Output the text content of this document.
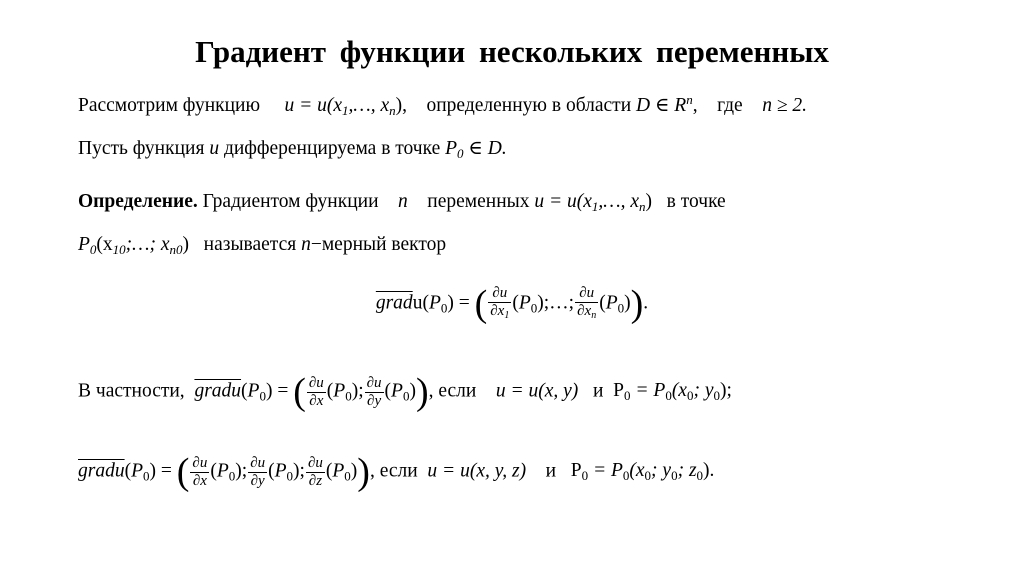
Градиент функции нескольких переменных
Рассмотрим функцию $u = u(x_1,\dots$, $x_n$), определенную в области D ∈ $R^n$, где n ≥ 2.
Пусть функция u дифференцируема в точке $P_0$ ∈ D.
Определение. Градиентом функции n переменных $u = u(x_1,\dots$, $x_n$) в точке
$P_0(x_{10};\dots$; $x_{n0}$) называется n−мерный вектор
$gradu(P_0)$ = ( $\frac{\partial u}{\partial x_1}$ $(P_0);\dots$; $\frac{\partial u}{\partial x_n} (P_0)$).
В частности, $gradu(P_0)$ = ( $\frac{\partial u}{\partial x} (P_0)$; $\frac{\partial u}{\partial y} (P_0)$), если u = u(x, y) и $P_0 = P_0(x_0$; $y_0$);
$gradu(P_0)$ = ( $\frac{\partial u}{\partial x} (P_0)$; $\frac{\partial u}{\partial y} (P_0)$; $\frac{\partial u}{\partial z} (P_0)$), если u = u(x, y, z) и $P_0 = P_0(x_0$; $y_0$; $z_0$).
